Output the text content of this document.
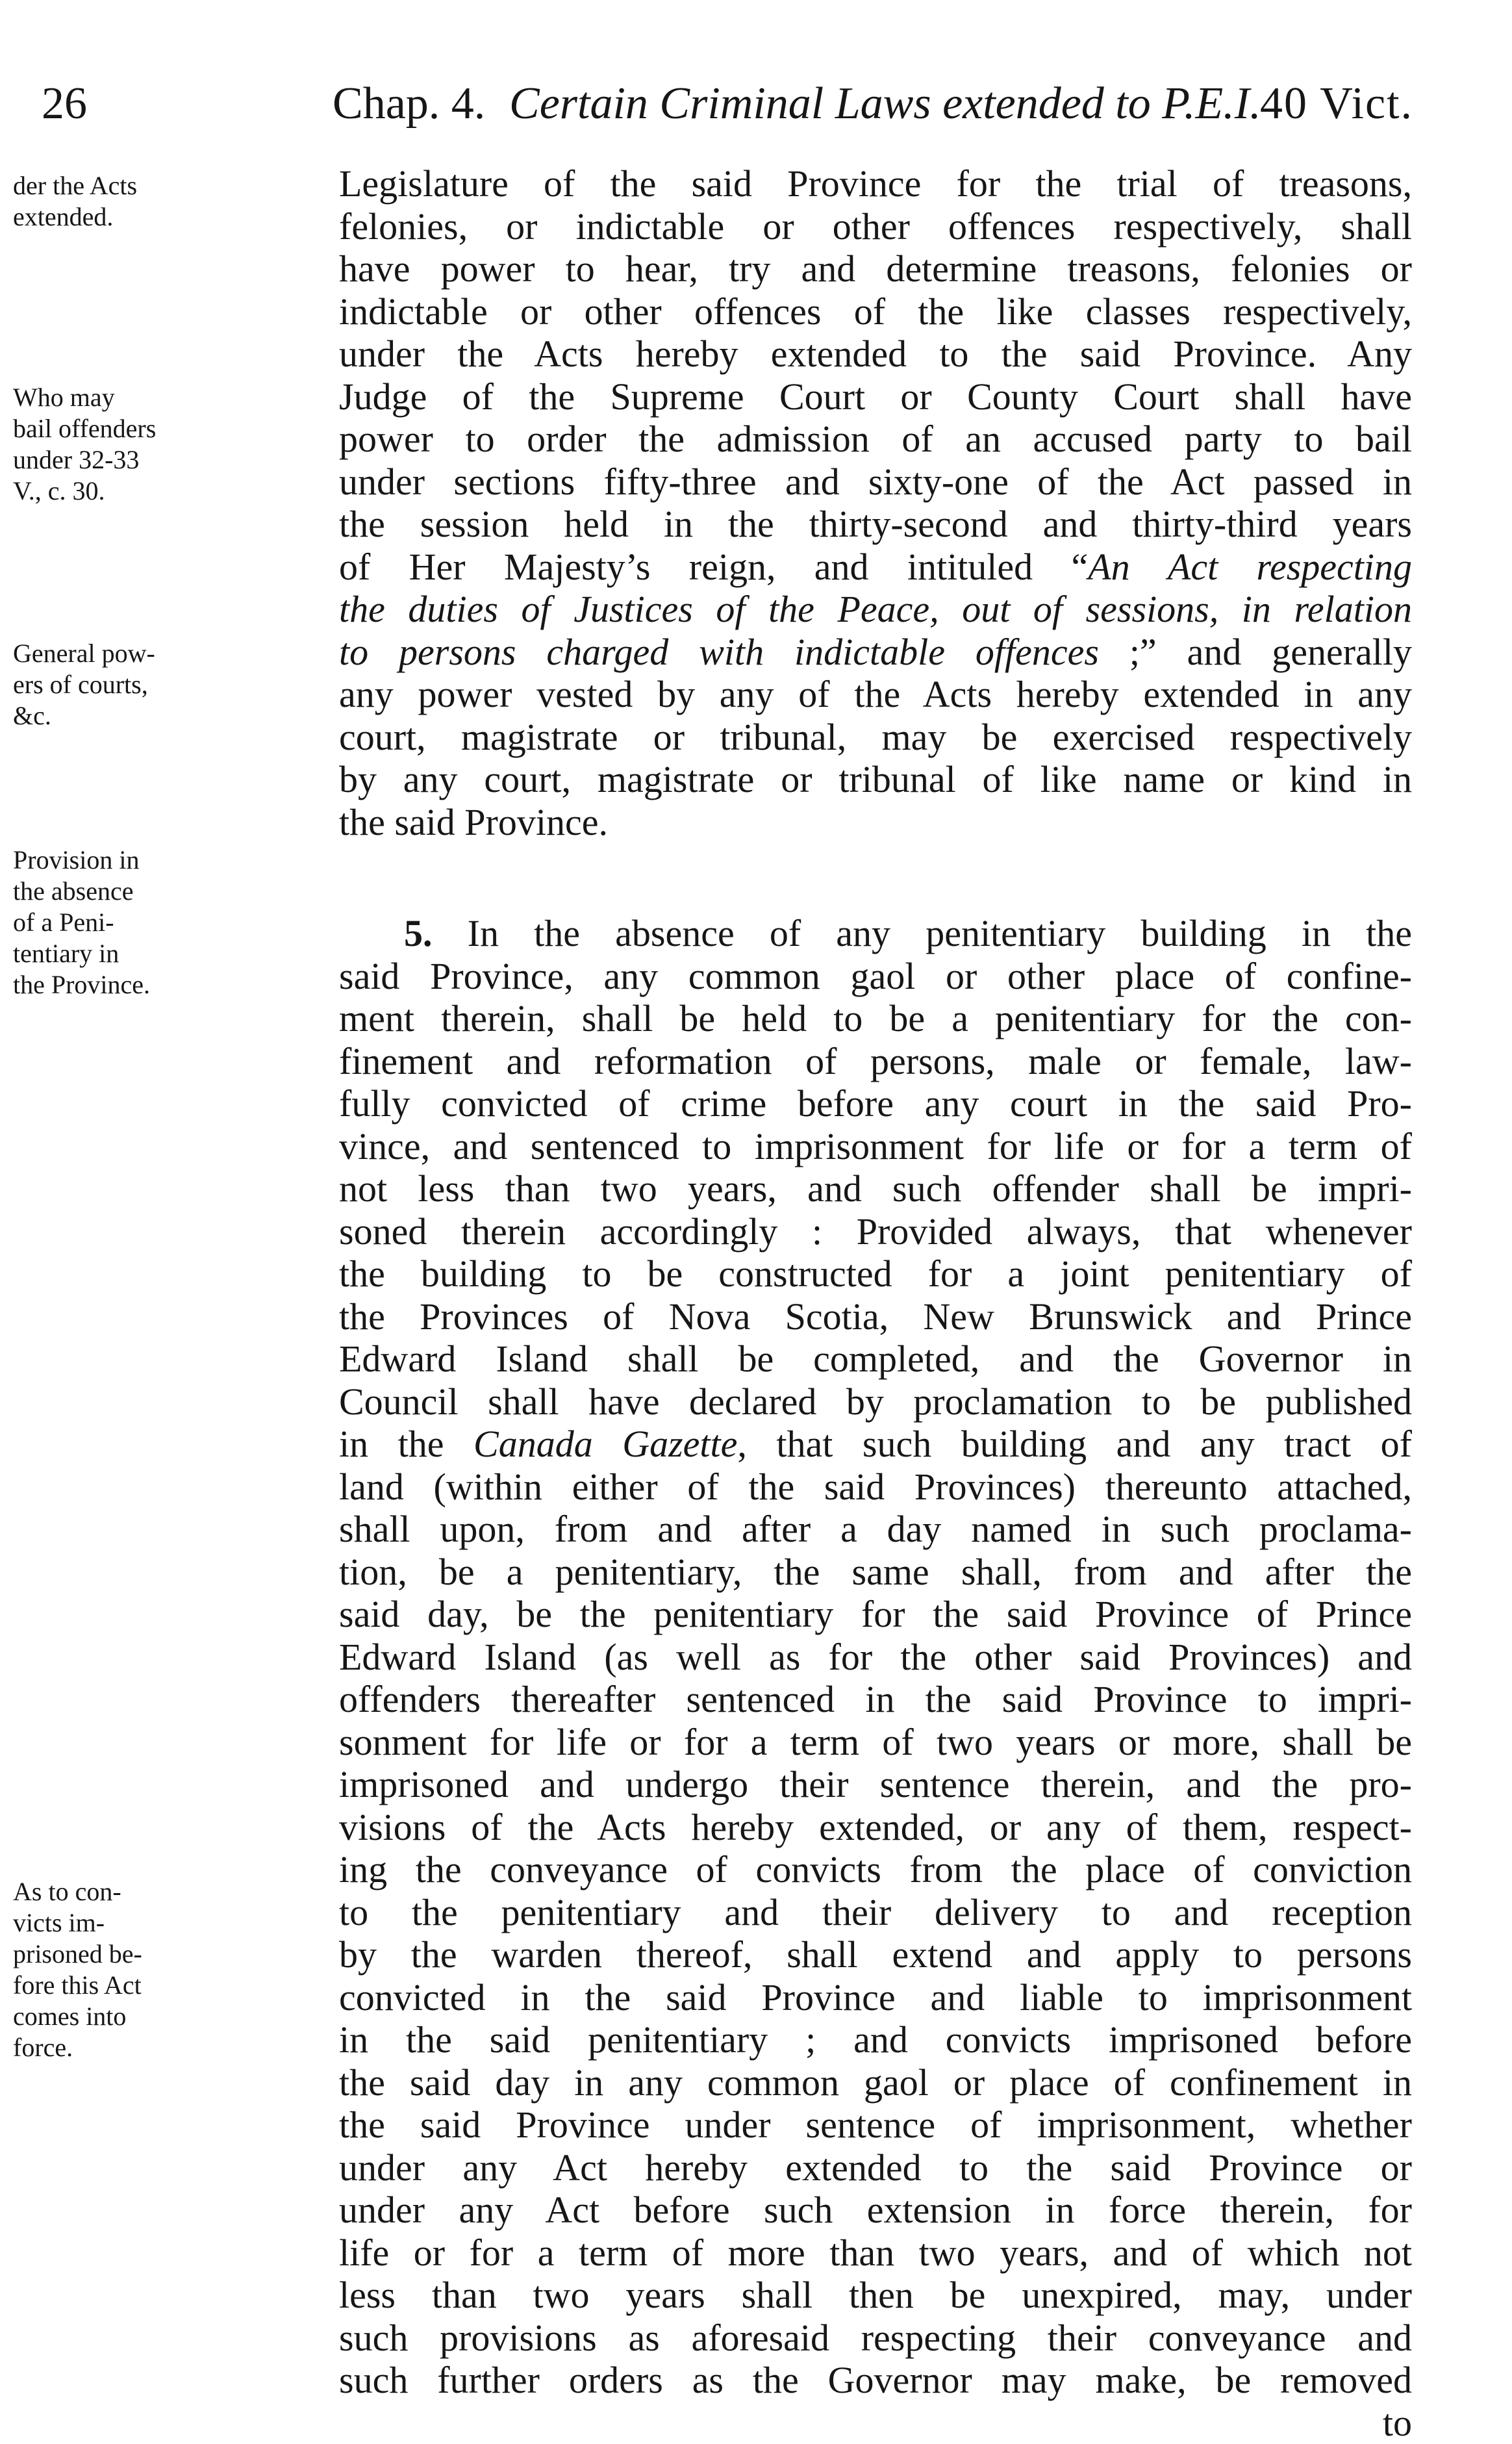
26	Chap. 4. Certain Criminal Laws extended to P.E.I.
40 Vict.
der the Acts
extended.
Who may
bail offenders
under 32-33
V., c. 30.
General pow-
ers of courts,
&c.
Provision in
the absence
of a Peni-
tentiary in
the Province.
As to con-
victs im-
prisoned be-
fore this Act
comes into
force.
Legislature of the said Province for the trial of treasons,
felonies, or indictable or other offences respectively, shall
have power to hear, try and determine treasons, felonies or
indictable or other offences of the like classes respectively,
under the Acts hereby extended to the said Province. Any
Judge of the Supreme Court or County Court shall have
power to order the admission of an accused party to bail
under sections fifty-three and sixty-one of the Act passed in
the session held in the thirty-second and thirty-third years
of Her Majesty’s reign, and intituled “An Act respecting
the duties of Justices of the Peace, out of sessions, in relation
to persons charged with indictable offences ;” and generally
any power vested by any of the Acts hereby extended in any
court, magistrate or tribunal, may be exercised respectively
by any court, magistrate or tribunal of like name or kind in
the said Province.
5. In the absence of any penitentiary building in the
said Province, any common gaol or other place of confine-
ment therein, shall be held to be a penitentiary for the con-
finement and reformation of persons, male or female, law-
fully convicted of crime before any court in the said Pro-
vince, and sentenced to imprisonment for life or for a term of
not less than two years, and such offender shall be impri-
soned therein accordingly : Provided always, that whenever
the building to be constructed for a joint penitentiary of
the Provinces of Nova Scotia, New Brunswick and Prince
Edward Island shall be completed, and the Governor in
Council shall have declared by proclamation to be published
in the Canada Gazette, that such building and any tract of
land (within either of the said Provinces) thereunto attached,
shall upon, from and after a day named in such proclama-
tion, be a penitentiary, the same shall, from and after the
said day, be the penitentiary for the said Province of Prince
Edward Island (as well as for the other said Provinces) and
offenders thereafter sentenced in the said Province to impri-
sonment for life or for a term of two years or more, shall be
imprisoned and undergo their sentence therein, and the pro-
visions of the Acts hereby extended, or any of them, respect-
ing the conveyance of convicts from the place of conviction
to the penitentiary and their delivery to and reception
by the warden thereof, shall extend and apply to persons
convicted in the said Province and liable to imprisonment
in the said penitentiary ; and convicts imprisoned before
the said day in any common gaol or place of confinement in
the said Province under sentence of imprisonment, whether
under any Act hereby extended to the said Province or
under any Act before such extension in force therein, for
life or for a term of more than two years, and of which not
less than two years shall then be unexpired, may, under
such provisions as aforesaid respecting their conveyance and
such further orders as the Governor may make, be removed
to
